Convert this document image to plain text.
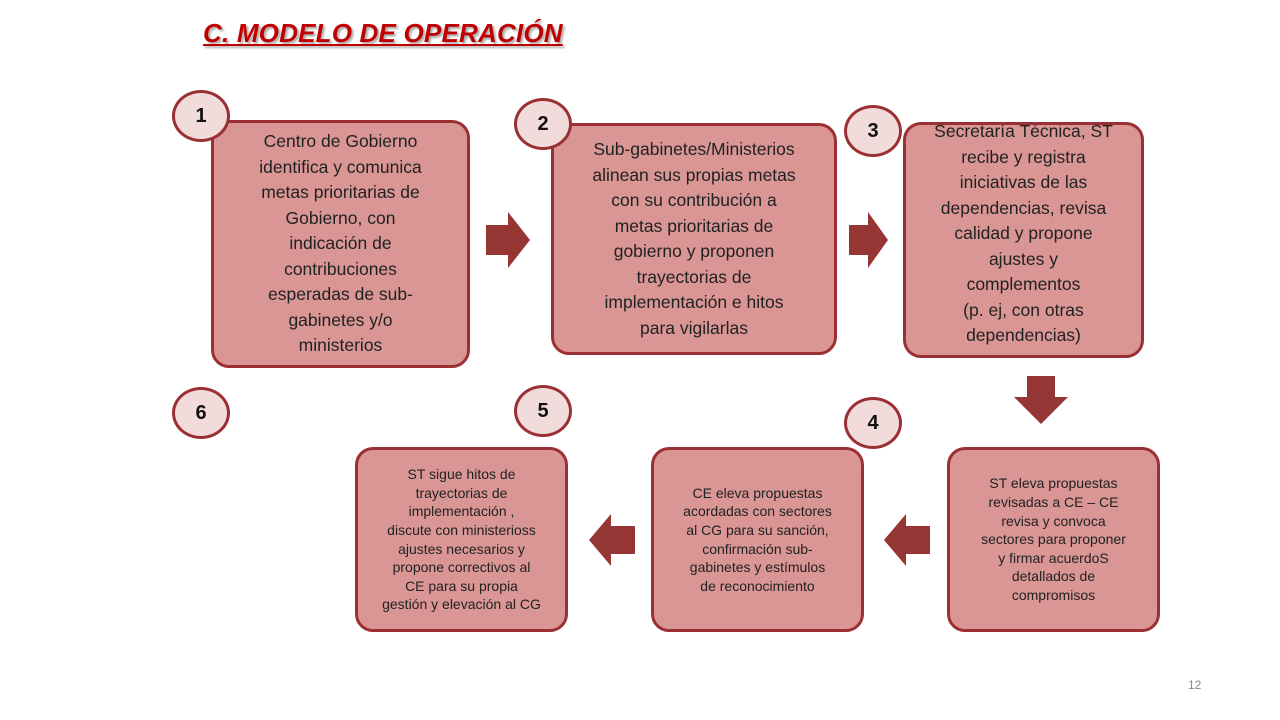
C. MODELO DE OPERACIÓN
Centro de Gobierno
identifica y comunica
metas prioritarias de
Gobierno, con
indicación de
contribuciones
esperadas de sub-
gabinetes y/o
ministerios
Sub-gabinetes/Ministerios
alinean sus propias metas
con su contribución a
metas prioritarias de
gobierno y proponen
trayectorias de
implementación e hitos
para vigilarlas
Secretaría Técnica, ST
recibe y registra
iniciativas de las
dependencias, revisa
calidad y propone
ajustes y
complementos
(p. ej, con otras
dependencias)
ST eleva propuestas
revisadas a CE – CE
revisa y convoca
sectores para proponer
y firmar acuerdoS
detallados de
compromisos
CE eleva propuestas
acordadas con sectores
al CG para su sanción,
confirmación sub-
gabinetes y estímulos
de reconocimiento
ST sigue hitos de
trayectorias de
implementación ,
discute con ministerioss
ajustes necesarios y
propone correctivos al
CE para su propia
gestión y elevación al CG
1	2	3
4
5
6
12
